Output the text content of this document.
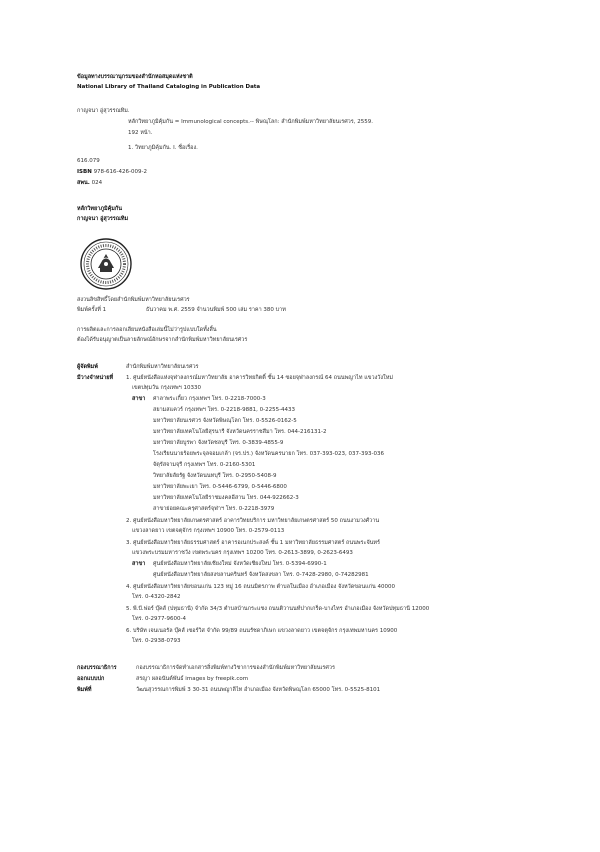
ข้อมูลทางบรรณานุกรมของสำนักหอสมุดแห่งชาติ
National Library of Thailand Cataloging in Publication Data
กาญจนา อู่สุวรรณทิม.
หลักวิทยาภูมิคุ้มกัน = Immunological concepts.-- พิษณุโลก: สำนักพิมพ์มหาวิทยาลัยนเรศวร, 2559.
192 หน้า.
1. วิทยาภูมิคุ้มกัน. I. ชื่อเรื่อง.
616.079
ISBN 978-616-426-009-2
สพน. 024
หลักวิทยาภูมิคุ้มกัน
กาญจนา อู่สุวรรณทิม
สงวนลิขสิทธิ์โดยสำนักพิมพ์มหาวิทยาลัยนเรศวร
พิมพ์ครั้งที่ 1	ธันวาคม พ.ศ. 2559 จำนวนพิมพ์ 500 เล่ม ราคา 380 บาท
การผลิตและการลอกเลียนหนังสือเล่มนี้ไม่ว่ารูปแบบใดทั้งสิ้น
ต้องได้รับอนุญาตเป็นลายลักษณ์อักษรจากสำนักพิมพ์มหาวิทยาลัยนเรศวร
ผู้จัดพิมพ์	สำนักพิมพ์มหาวิทยาลัยนเรศวร
มีวางจำหน่ายที่ 1. ศูนย์หนังสือแห่งจุฬาลงกรณ์มหาวิทยาลัย อาคารวิทยกิตติ์ ชั้น 14 ซอยจุฬาลงกรณ์ 64 ถนนพญาไท แขวงวังใหม่
เขตปทุมวัน กรุงเทพฯ 10330
สาขา ศาลาพระเกี้ยว กรุงเทพฯ โทร. 0-2218-7000-3
สยามสแควร์ กรุงเทพฯ โทร. 0-2218-9881, 0-2255-4433
มหาวิทยาลัยนเรศวร จังหวัดพิษณุโลก โทร. 0-5526-0162-5
มหาวิทยาลัยเทคโนโลยีสุรนารี จังหวัดนครราชสีมา โทร. 044-216131-2
มหาวิทยาลัยบูรพา จังหวัดชลบุรี โทร. 0-3839-4855-9
โรงเรียนนายร้อยพระจุลจอมเกล้า (จร.ปร.) จังหวัดนครนายก โทร. 037-393-023, 037-393-036
จัตุรัสจามจุรี กรุงเทพฯ โทร. 0-2160-5301
วิทยาลัยลัยรัฐ จังหวัดนนทบุรี โทร. 0-2950-5408-9
มหาวิทยาลัยพะเยา โทร. 0-5446-6799, 0-5446-6800
มหาวิทยาลัยเทคโนโลยีราชมงคลอีสาน โทร. 044-922662-3
สาขาย่อยคณะครุศาสตร์จุฬาฯ โทร. 0-2218-3979
2. ศูนย์หนังสือมหาวิทยาลัยเกษตรศาสตร์ อาคารวิทยบริการ มหาวิทยาลัยเกษตรศาสตร์ 50 ถนนงามวงศ์วาน
แขวงลาดยาว เขตจตุจักร กรุงเทพฯ 10900 โทร. 0-2579-0113
3. ศูนย์หนังสือมหาวิทยาลัยธรรมศาสตร์ อาคารอเนกประสงค์ ชั้น 1 มหาวิทยาลัยธรรมศาสตร์ ถนนพระจันทร์
แขวงพระบรมมหาราชวัง เขตพระนคร กรุงเทพฯ 10200 โทร. 0-2613-3899, 0-2623-6493
สาขา ศูนย์หนังสือมหาวิทยาลัยเชียงใหม่ จังหวัดเชียงใหม่ โทร. 0-5394-6990-1
ศูนย์หนังสือมหาวิทยาลัยสงขลานครินทร์ จังหวัดสงขลา โทร. 0-7428-2980, 0-74282981
4. ศูนย์หนังสือมหาวิทยาลัยขอนแก่น 123 หมู่ 16 ถนนมิตรภาพ ตำบลในเมือง อำเภอเมือง จังหวัดขอนแก่น 40000
โทร. 0-4320-2842
5. พี.บี.ฟอร์ บุ๊คส์ (ปทุมธานี) จำกัด 34/3 ตำบลบ้านกระแชง ถนนติวานนท์ปากเกร็ด-บางไทร อำเภอเมือง จังหวัดปทุมธานี 12000
โทร. 0-2977-9600-4
6. บริษัท เจนเนอรัล บุ๊คส์ เซอร์วิส จำกัด 99/89 ถนนรัชดาภิเษก แขวงลาดยาว เขตจตุจักร กรุงเทพมหานคร 10900
โทร. 0-2938-0793
กองบรรณาธิการ	กองบรรณาธิการจัดทำเอกสารสิ่งพิมพ์ทางวิชาการของสำนักพิมพ์มหาวิทยาลัยนเรศวร
ออกแบบปก	สรญา ผลอนันต์พันธ์ images by freepik.com
พิมพ์ที่	วัฒนสุวรรณการพิมพ์ 3 30-31 ถนนพญาลิไท อำเภอเมือง จังหวัดพิษณุโลก 65000 โทร. 0-5525-8101
